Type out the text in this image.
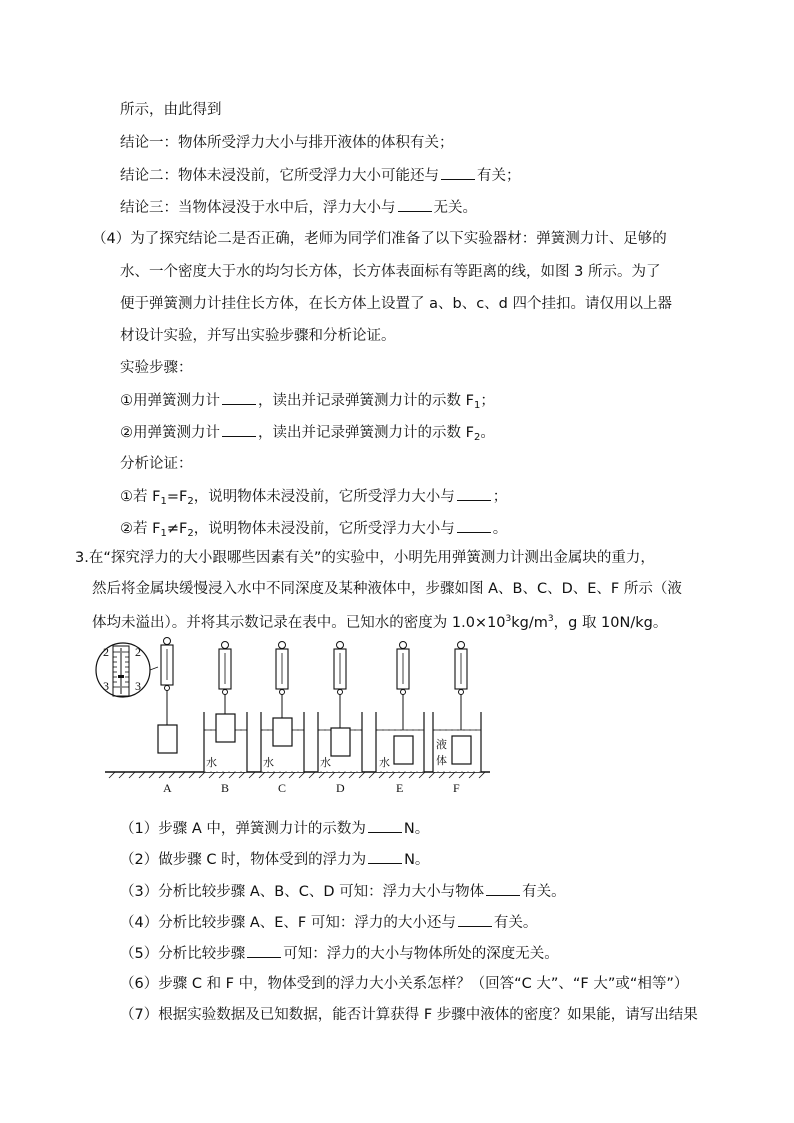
所示，由此得到
结论一：物体所受浮力大小与排开液体的体积有关；
结论二：物体未浸没前，它所受浮力大小可能还与	有关；
结论三：当物体浸没于水中后，浮力大小与	无关。
（4）为了探究结论二是否正确，老师为同学们准备了以下实验器材：弹簧测力计、足够的
水、一个密度大于水的均匀长方体，长方体表面标有等距离的线，如图 3 所示。为了
便于弹簧测力计挂住长方体，在长方体上设置了 a、b、c、d 四个挂扣。请仅用以上器
材设计实验，并写出实验步骤和分析论证。
实验步骤：
①用弹簧测力计	，读出并记录弹簧测力计的示数 $F_1$；
②用弹簧测力计	，读出并记录弹簧测力计的示数 $F_2$。
分析论证：
①若 $F_1=F_2$，说明物体未浸没前，它所受浮力大小与	；
②若 $F_1\ne F_2$，说明物体未浸没前，它所受浮力大小与	。
3.在“探究浮力的大小跟哪些因素有关”的实验中，小明先用弹簧测力计测出金属块的重力，
然后将金属块缓慢浸入水中不同深度及某种液体中，步骤如图 A、B、C、D、E、F 所示（液
体均未溢出）。并将其示数记录在表中。已知水的密度为 $1.0\times 10^3kg/m^3$，g 取 10N/kg。
2 2
3 3
水	水	水	水
液
体
A	B	C	D	E	F
（1）步骤 A 中，弹簧测力计的示数为	N。
（2）做步骤 C 时，物体受到的浮力为	N。
（3）分析比较步骤 A、B、C、D 可知：浮力大小与物体	有关。
（4）分析比较步骤 A、E、F 可知：浮力的大小还与	有关。
（5）分析比较步骤	可知：浮力的大小与物体所处的深度无关。
（6）步骤 C 和 F 中，物体受到的浮力大小关系怎样？（回答“C 大”、“F 大”或“相等”）
（7）根据实验数据及已知数据，能否计算获得 F 步骤中液体的密度？如果能，请写出结果
